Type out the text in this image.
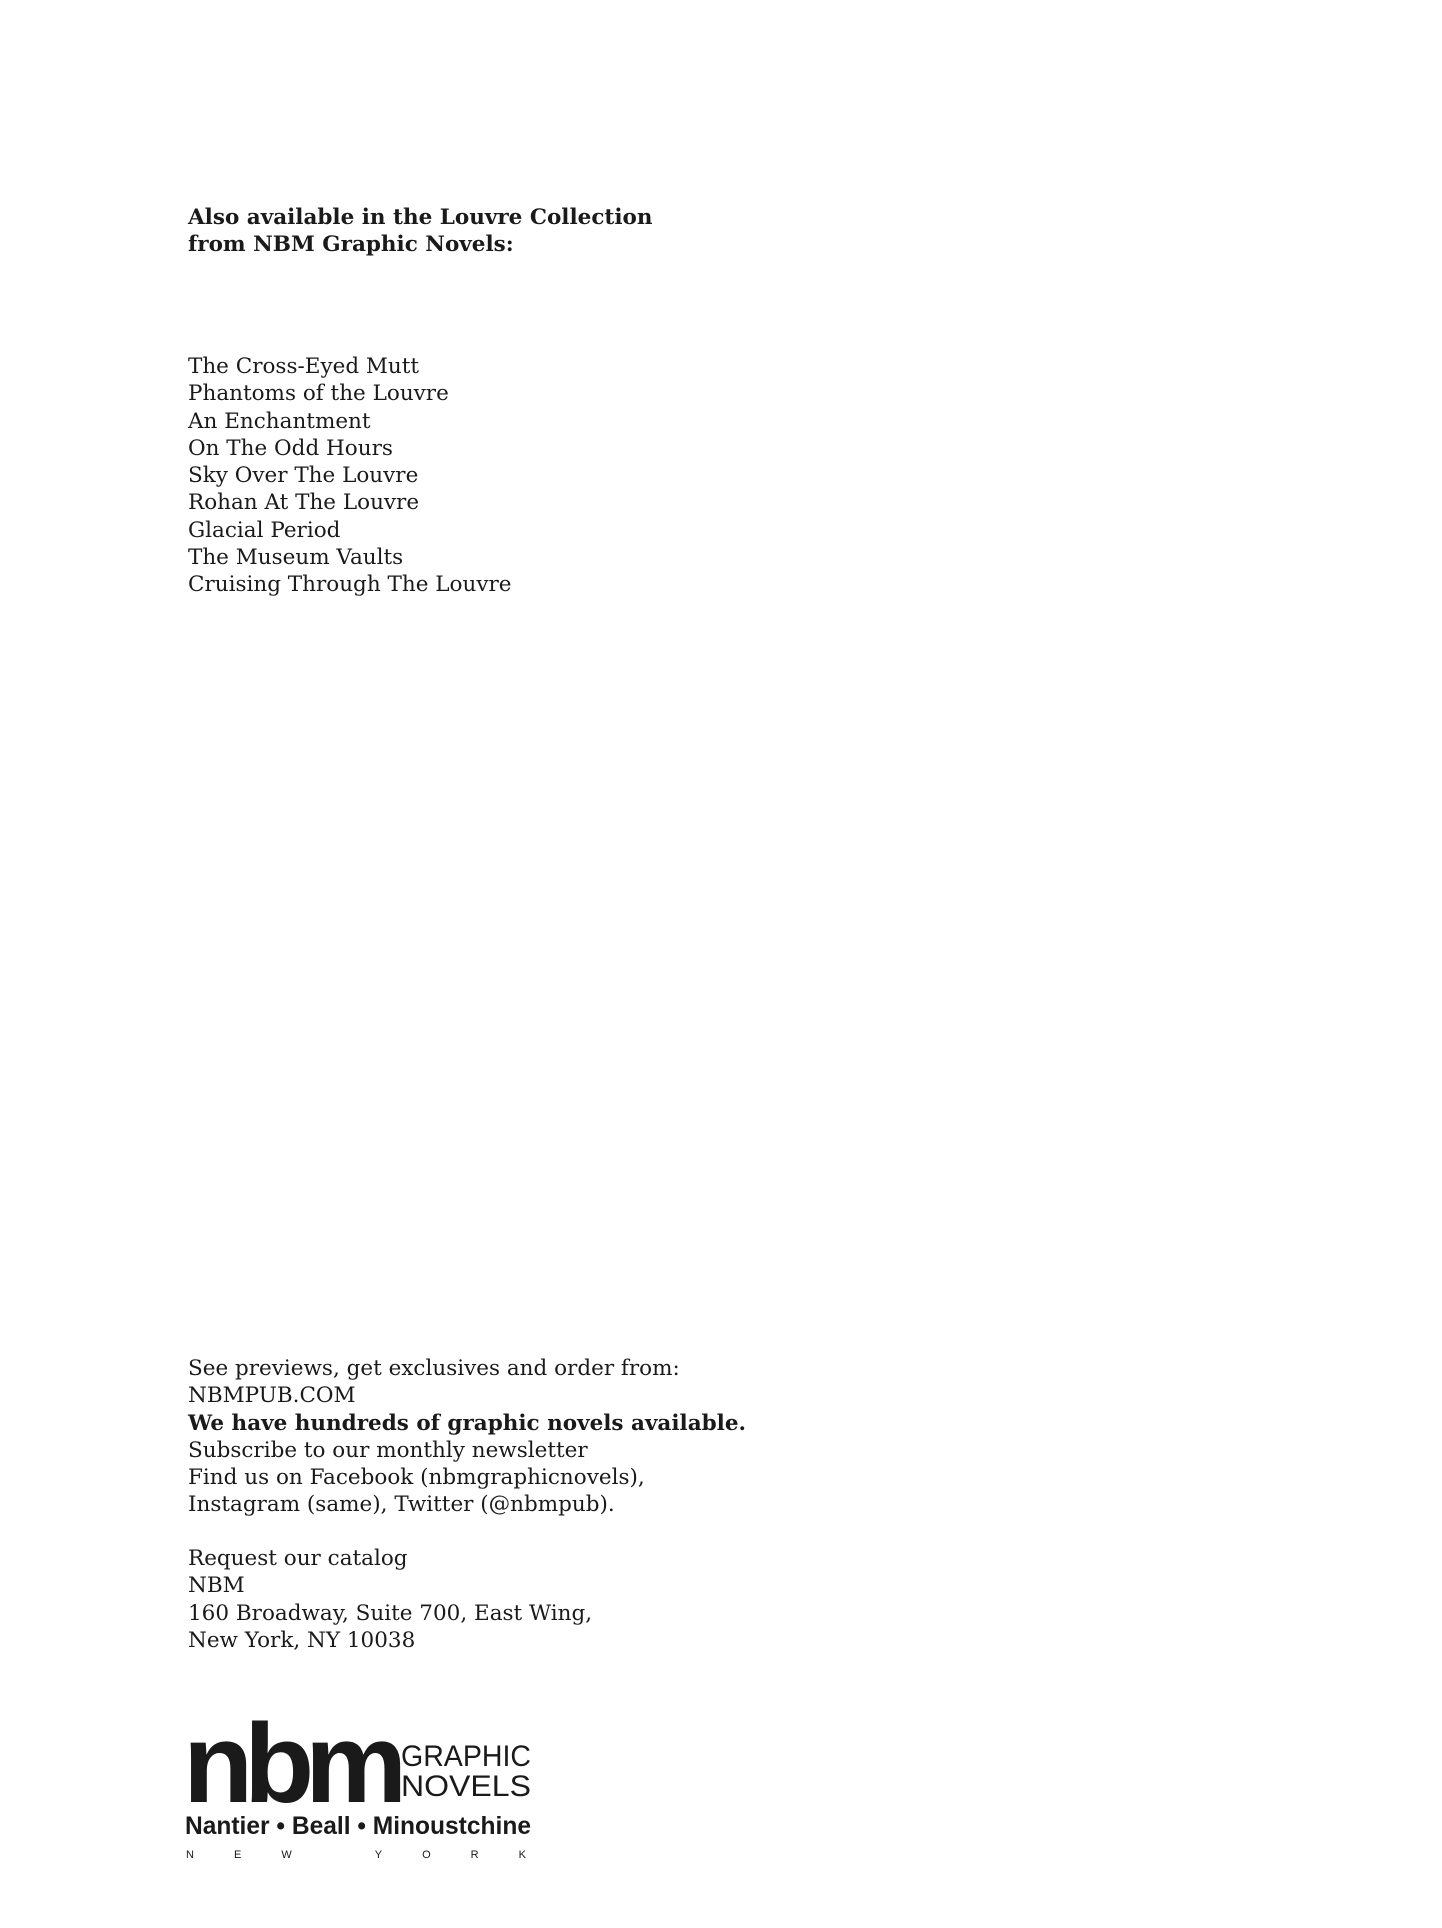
Also available in the Louvre Collection
from NBM Graphic Novels:
The Cross-Eyed Mutt
Phantoms of the Louvre
An Enchantment
On The Odd Hours
Sky Over The Louvre
Rohan At The Louvre
Glacial Period
The Museum Vaults
Cruising Through The Louvre
See previews, get exclusives and order from:
NBMPUB.COM
We have hundreds of graphic novels available.
Subscribe to our monthly newsletter
Find us on Facebook (nbmgraphicnovels),
Instagram (same), Twitter (@nbmpub).
Request our catalog
NBM
160 Broadway, Suite 700, East Wing,
New York, NY 10038
nbm GRAPHIC
NOVELS
Nantier • Beall • Minoustchine
NEW YORK
